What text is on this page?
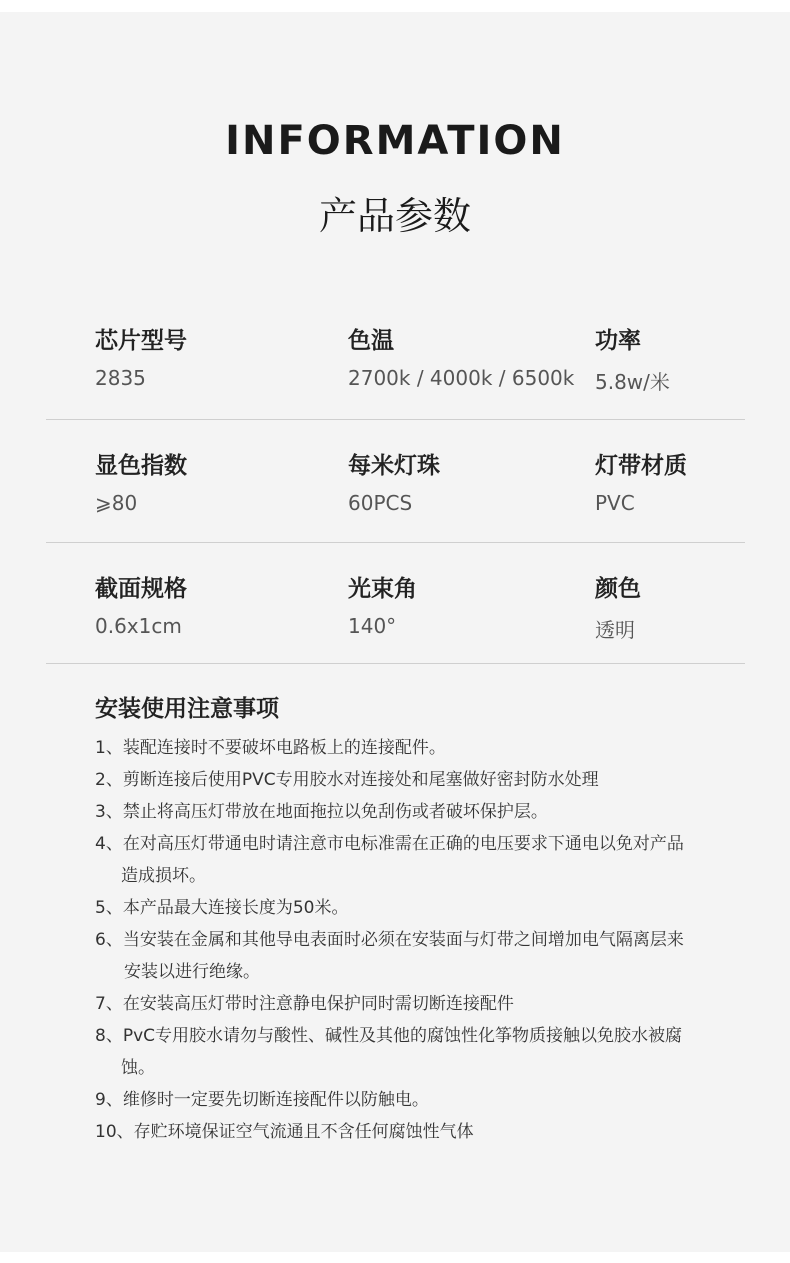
INFORMATION
产品参数
芯片型号
2835
色温
2700k / 4000k / 6500k
功率
5.8w/米
显色指数
⩾80
每米灯珠
60PCS
灯带材质
PVC
截面规格
0.6x1cm
光束角
140°
颜色
透明
安装使用注意事项
1、装配连接时不要破坏电路板上的连接配件。
2、剪断连接后使用PVC专用胶水对连接处和尾塞做好密封防水处理
3、禁止将高压灯带放在地面拖拉以免刮伤或者破坏保护层。
4、在对高压灯带通电时请注意市电标准需在正确的电压要求下通电以免对产品
造成损坏。
5、本产品最大连接长度为50米。
6、当安装在金属和其他导电表面时必须在安装面与灯带之间增加电气隔离层来
安装以进行绝缘。
7、在安装高压灯带时注意静电保护同时需切断连接配件
8、PvC专用胶水请勿与酸性、碱性及其他的腐蚀性化筝物质接触以免胶水被腐
蚀。
9、维修时一定要先切断连接配件以防触电。
10、存贮环境保证空气流通且不含任何腐蚀性气体
